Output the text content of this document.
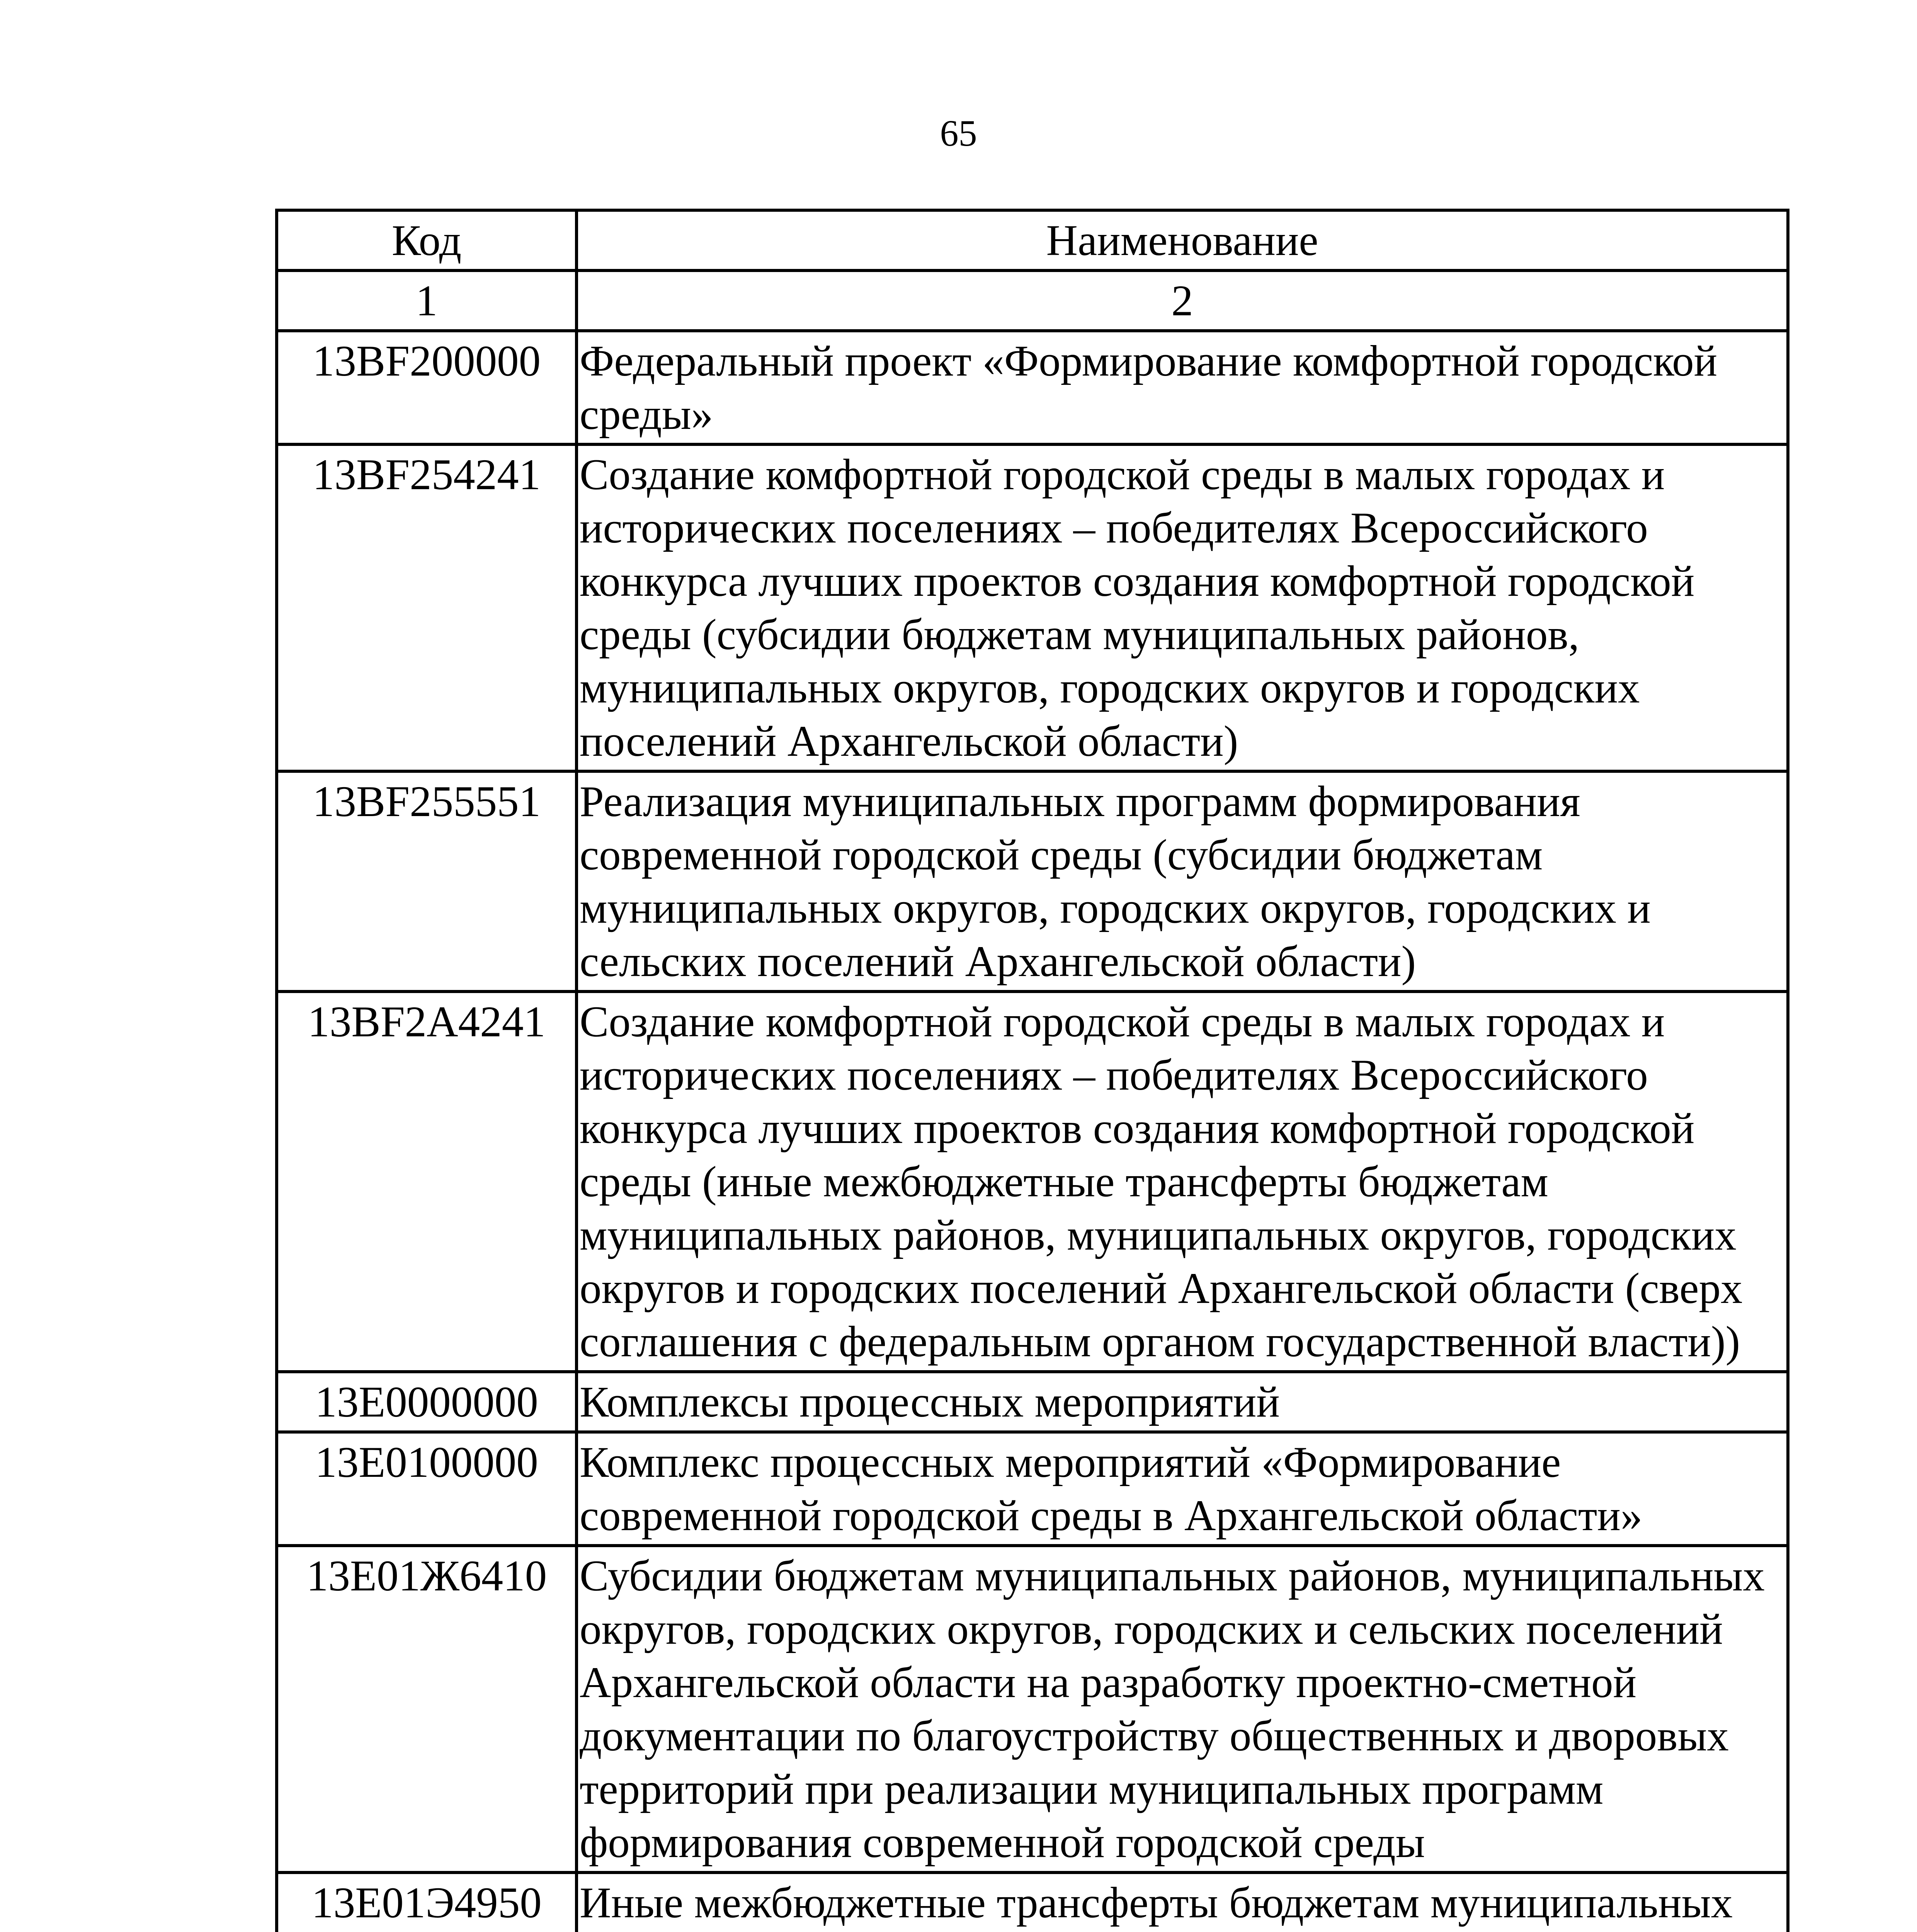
65
Код	Наименование
1	2
13BF200000	Федеральный проект «Формирование комфортной городской среды»
13BF254241	Создание комфортной городской среды в малых городах и исторических поселениях – победителях Всероссийского конкурса лучших проектов создания комфортной городской среды (субсидии бюджетам муниципальных районов, муниципальных округов, городских округов и городских поселений Архангельской области)
13BF255551	Реализация муниципальных программ формирования современной городской среды (субсидии бюджетам муниципальных округов, городских округов, городских и сельских поселений Архангельской области)
13BF2A4241	Создание комфортной городской среды в малых городах и исторических поселениях – победителях Всероссийского конкурса лучших проектов создания комфортной городской среды (иные межбюджетные трансферты бюджетам муниципальных районов, муниципальных округов, городских округов и городских поселений Архангельской области (сверх соглашения с федеральным органом государственной власти))
13Е0000000	Комплексы процессных мероприятий
13Е0100000	Комплекс процессных мероприятий «Формирование современной городской среды в Архангельской области»
13Е01Ж6410	Субсидии бюджетам муниципальных районов, муниципальных округов, городских округов, городских и сельских поселений Архангельской области на разработку проектно-сметной документации по благоустройству общественных и дворовых территорий при реализации муниципальных программ формирования современной городской среды
13Е01Э4950	Иные межбюджетные трансферты бюджетам муниципальных
